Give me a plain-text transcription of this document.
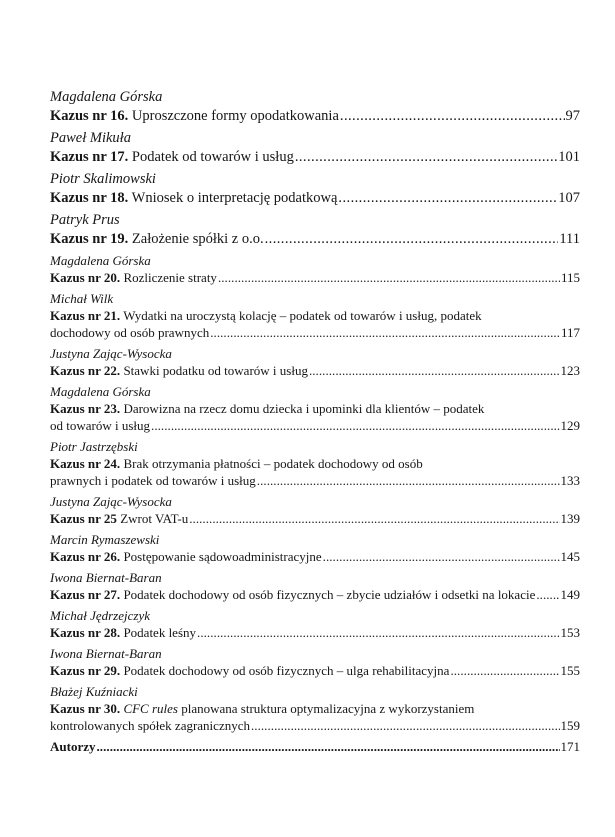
Magdalena Górska
Kazus nr 16. Uproszczone formy opodatkowania . . .	97
Paweł Mikuła
Kazus nr 17. Podatek od towarów i usług . . .	101
Piotr Skalimowski
Kazus nr 18. Wniosek o interpretację podatkową . . .	107
Patryk Prus
Kazus nr 19. Założenie spółki z o.o. . . .	111
Magdalena Górska
Kazus nr 20. Rozliczenie straty . . .	115
Michał Wilk
Kazus nr 21. Wydatki na uroczystą kolację – podatek od towarów i usług, podatek
dochodowy od osób prawnych . . .	117
Justyna Zając-Wysocka
Kazus nr 22. Stawki podatku od towarów i usług . . .	123
Magdalena Górska
Kazus nr 23. Darowizna na rzecz domu dziecka i upominki dla klientów – podatek
od towarów i usług . . .	129
Piotr Jastrzębski
Kazus nr 24. Brak otrzymania płatności – podatek dochodowy od osób
prawnych i podatek od towarów i usług . . .	133
Justyna Zając-Wysocka
Kazus nr 25 Zwrot VAT-u . . .	139
Marcin Rymaszewski
Kazus nr 26. Postępowanie sądowoadministracyjne . . .	145
Iwona Biernat-Baran
Kazus nr 27. Podatek dochodowy od osób fizycznych – zbycie udziałów i odsetki na lokacie . . . 149
Michał Jędrzejczyk
Kazus nr 28. Podatek leśny . . .	153
Iwona Biernat-Baran
Kazus nr 29. Podatek dochodowy od osób fizycznych – ulga rehabilitacyjna . . .	155
Błażej Kuźniacki
Kazus nr 30. CFC rules planowana struktura optymalizacyjna z wykorzystaniem
kontrolowanych spółek zagranicznych . . .	159
Autorzy . . .	171
